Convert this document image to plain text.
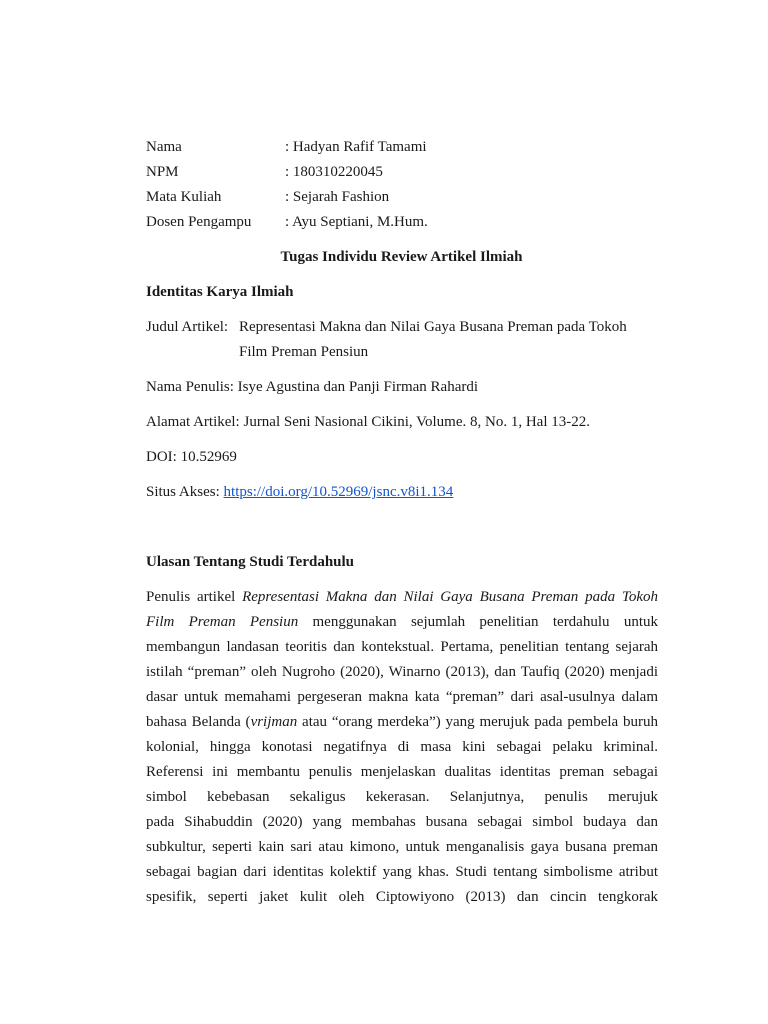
Nama	: Hadyan Rafif Tamami
NPM	: 180310220045
Mata Kuliah	: Sejarah Fashion
Dosen Pengampu : Ayu Septiani, M.Hum.
Tugas Individu Review Artikel Ilmiah
Identitas Karya Ilmiah
Judul Artikel: Representasi Makna dan Nilai Gaya Busana Preman pada Tokoh
Film Preman Pensiun
Nama Penulis: Isye Agustina dan Panji Firman Rahardi
Alamat Artikel: Jurnal Seni Nasional Cikini, Volume. 8, No. 1, Hal 13-22.
DOI: 10.52969
Situs Akses: https://doi.org/10.52969/jsnc.v8i1.134
Ulasan Tentang Studi Terdahulu
Penulis artikel Representasi Makna dan Nilai Gaya Busana Preman pada Tokoh
Film Preman Pensiun menggunakan sejumlah penelitian terdahulu untuk
membangun landasan teoritis dan kontekstual. Pertama, penelitian tentang sejarah
istilah “preman” oleh Nugroho (2020), Winarno (2013), dan Taufiq (2020) menjadi
dasar untuk memahami pergeseran makna kata “preman” dari asal-usulnya dalam
bahasa Belanda (vrijman atau “orang merdeka”) yang merujuk pada pembela buruh
kolonial, hingga konotasi negatifnya di masa kini sebagai pelaku kriminal.
Referensi ini membantu penulis menjelaskan dualitas identitas preman sebagai
simbol kebebasan sekaligus kekerasan. Selanjutnya, penulis merujuk
pada Sihabuddin (2020) yang membahas busana sebagai simbol budaya dan
subkultur, seperti kain sari atau kimono, untuk menganalisis gaya busana preman
sebagai bagian dari identitas kolektif yang khas. Studi tentang simbolisme atribut
spesifik, seperti jaket kulit oleh Ciptowiyono (2013) dan cincin tengkorak
